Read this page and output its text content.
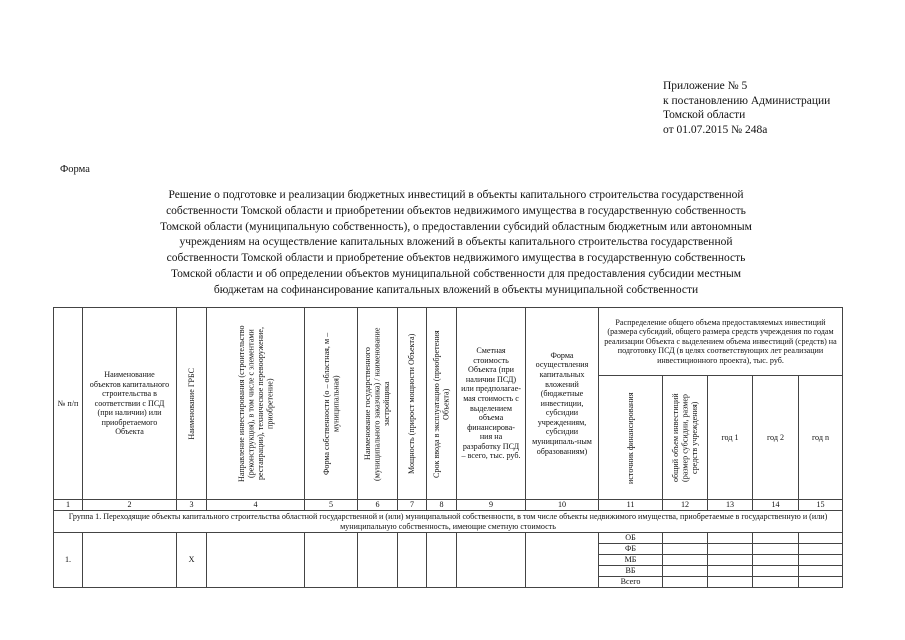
Приложение № 5
к постановлению Администрации
Томской области
от 01.07.2015 № 248а
Форма
Решение о подготовке и реализации бюджетных инвестиций в объекты капитального строительства государственной
собственности Томской области и приобретении объектов недвижимого имущества в государственную собственность
Томской области (муниципальную собственность), о предоставлении субсидий областным бюджетным или автономным
учреждениям на осуществление капитальных вложений в объекты капитального строительства государственной
собственности Томской области и приобретение объектов недвижимого имущества в государственную собственность
Томской области и об определении объектов муниципальной собственности для предоставления субсидии местным
бюджетам на софинансирование капитальных вложений в объекты муниципальной собственности
№ п/п	Наименование объектов капитального строительства в соответствии с ПСД (при наличии) или приобретаемого Объекта	Наименование ГРБС	Направление инвестирования (строительство (реконструкция), в том числе с элементами реставрации), техническое перевооружение, приобретение)	Форма собственности (о – областная, м – муниципальная)	Наименование государственного (муниципального заказчика) / наименование застройщика	Мощность (прирост мощности Объекта)	Срок ввода в эксплуатацию (приобретения Объекта)	Сметная стоимость Объекта (при наличии ПСД) или предполагае-мая стоимость с выделением объема финансирова-ния на разработку ПСД – всего, тыс. руб.	Форма осуществления капитальных вложений (бюджетные инвестиции, субсидии учреждениям, субсидии муниципаль-ным образованиям)	Распределение общего объема предоставляемых инвестиций (размера субсидий, общего размера средств учреждения по годам реализации Объекта с выделением объема инвестиций (средств) на подготовку ПСД (в целях соответствующих лет реализации инвестиционного проекта), тыс. руб.				

										источник финансирования	общий объем инвестиций (размер субсидии, размер средств учреждения)	год 1	год 2	год n
1	2	3	4	5	6	7	8	9	10	11	12	13	14	15
Группа 1. Переходящие объекты капитального строительства областной государственной и (или) муниципальной собственности, в том числе объекты недвижимого имущества, приобретаемые в государственную и (или) муниципальную собственность, имеющие сметную стоимость														
1.		Х								ОБ				
										ФБ				
										МБ				
										ВБ				
										Всего				
